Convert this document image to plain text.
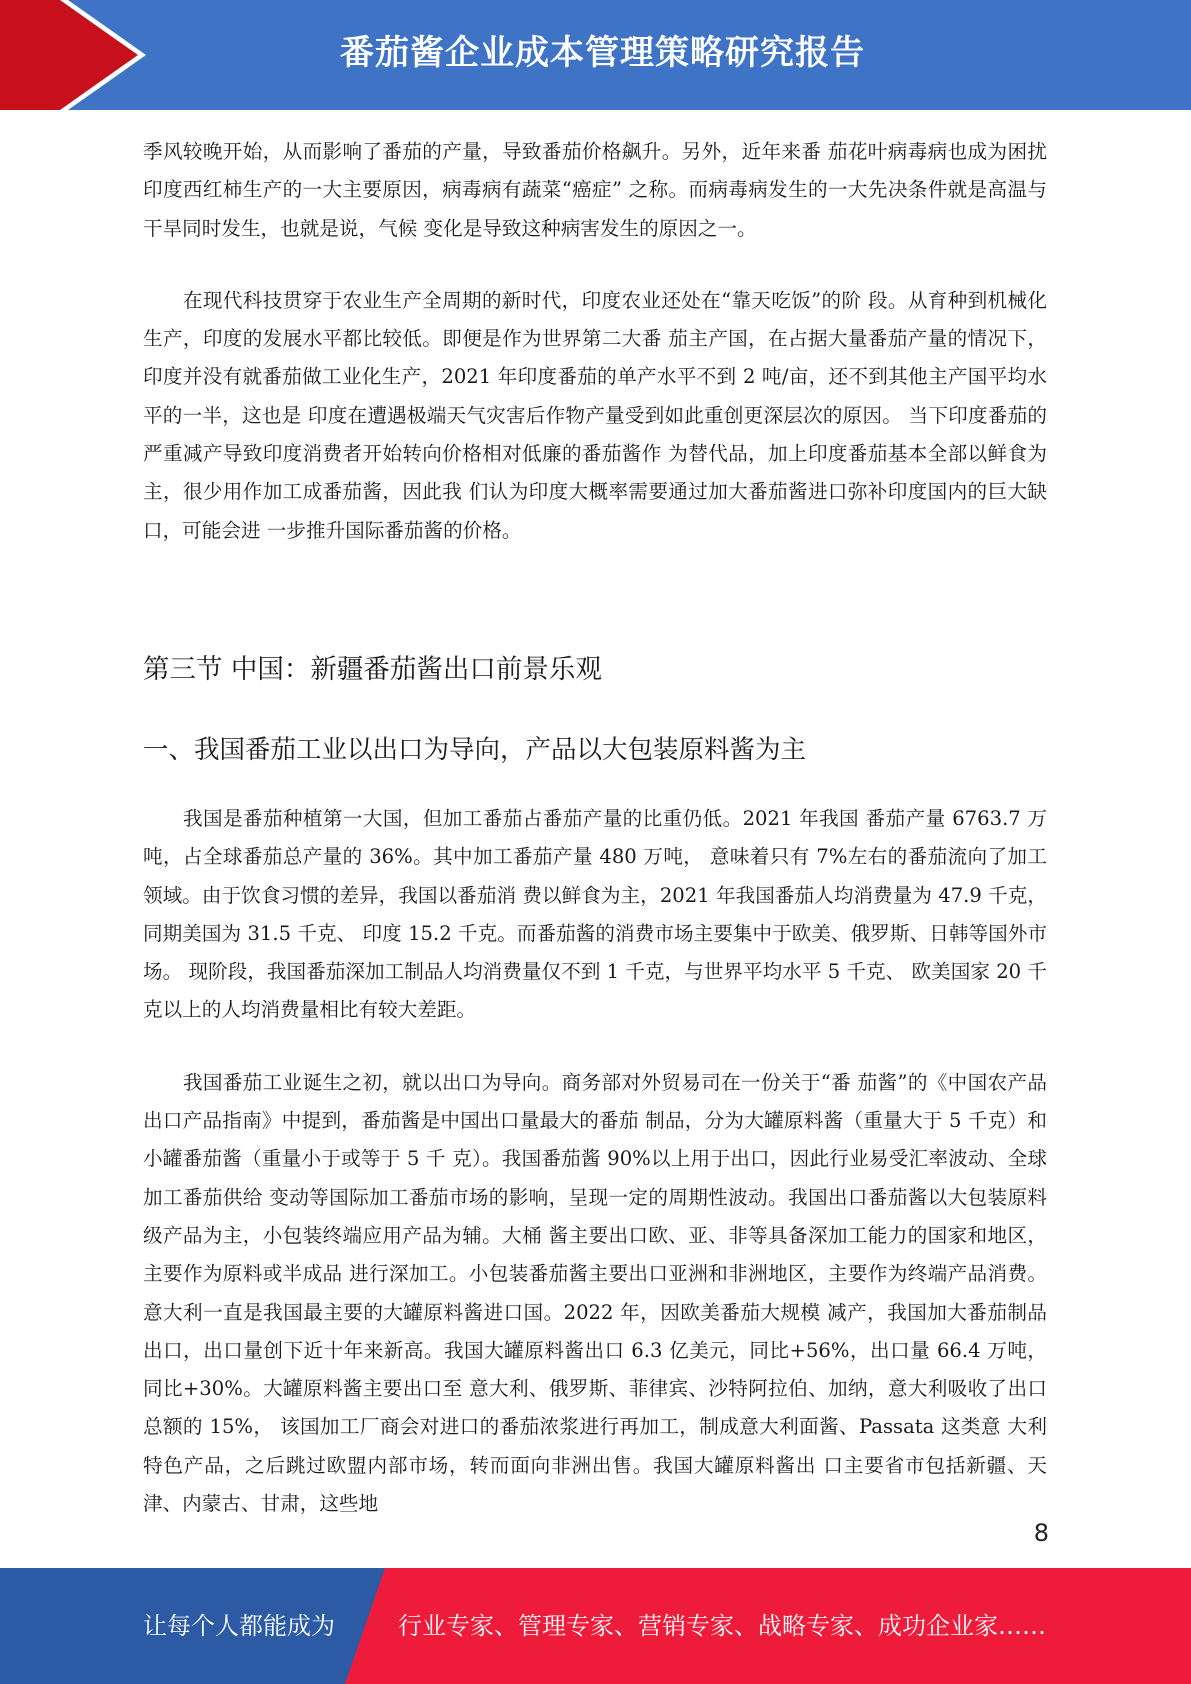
番茄酱企业成本管理策略研究报告

季风较晚开始，从而影响了番茄的产量，导致番茄价格飙升。另外，近年来番 茄花叶病毒病也成为困扰印度西红柿生产的一大主要原因，病毒病有蔬菜“癌症” 之称。而病毒病发生的一大先决条件就是高温与干旱同时发生，也就是说，气候 变化是导致这种病害发生的原因之一。

在现代科技贯穿于农业生产全周期的新时代，印度农业还处在“靠天吃饭”的阶 段。从育种到机械化生产，印度的发展水平都比较低。即便是作为世界第二大番 茄主产国，在占据大量番茄产量的情况下，印度并没有就番茄做工业化生产，2021 年印度番茄的单产水平不到 2 吨/亩，还不到其他主产国平均水平的一半，这也是 印度在遭遇极端天气灾害后作物产量受到如此重创更深层次的原因。 当下印度番茄的严重减产导致印度消费者开始转向价格相对低廉的番茄酱作 为替代品，加上印度番茄基本全部以鲜食为主，很少用作加工成番茄酱，因此我 们认为印度大概率需要通过加大番茄酱进口弥补印度国内的巨大缺口，可能会进 一步推升国际番茄酱的价格。

第三节 中国：新疆番茄酱出口前景乐观
一、我国番茄工业以出口为导向，产品以大包装原料酱为主

我国是番茄种植第一大国，但加工番茄占番茄产量的比重仍低。2021 年我国 番茄产量 6763.7 万吨，占全球番茄总产量的 36%。其中加工番茄产量 480 万吨， 意味着只有 7%左右的番茄流向了加工领域。由于饮食习惯的差异，我国以番茄消 费以鲜食为主，2021 年我国番茄人均消费量为 47.9 千克，同期美国为 31.5 千克、 印度 15.2 千克。而番茄酱的消费市场主要集中于欧美、俄罗斯、日韩等国外市场。 现阶段，我国番茄深加工制品人均消费量仅不到 1 千克，与世界平均水平 5 千克、 欧美国家 20 千克以上的人均消费量相比有较大差距。

我国番茄工业诞生之初，就以出口为导向。商务部对外贸易司在一份关于“番 茄酱”的《中国农产品出口产品指南》中提到，番茄酱是中国出口量最大的番茄 制品，分为大罐原料酱（重量大于 5 千克）和小罐番茄酱（重量小于或等于 5 千 克）。我国番茄酱 90%以上用于出口，因此行业易受汇率波动、全球加工番茄供给 变动等国际加工番茄市场的影响，呈现一定的周期性波动。我国出口番茄酱以大包装原料级产品为主，小包装终端应用产品为辅。大桶 酱主要出口欧、亚、非等具备深加工能力的国家和地区，主要作为原料或半成品 进行深加工。小包装番茄酱主要出口亚洲和非洲地区，主要作为终端产品消费。 意大利一直是我国最主要的大罐原料酱进口国。2022 年，因欧美番茄大规模 减产，我国加大番茄制品出口，出口量创下近十年来新高。我国大罐原料酱出口 6.3 亿美元，同比+56%，出口量 66.4 万吨，同比+30%。大罐原料酱主要出口至 意大利、俄罗斯、菲律宾、沙特阿拉伯、加纳，意大利吸收了出口总额的 15%， 该国加工厂商会对进口的番茄浓浆进行再加工，制成意大利面酱、Passata 这类意 大利特色产品，之后跳过欧盟内部市场，转而面向非洲出售。我国大罐原料酱出 口主要省市包括新疆、天津、内蒙古、甘肃，这些地

8
让每个人都能成为	行业专家、管理专家、营销专家、战略专家、成功企业家……
